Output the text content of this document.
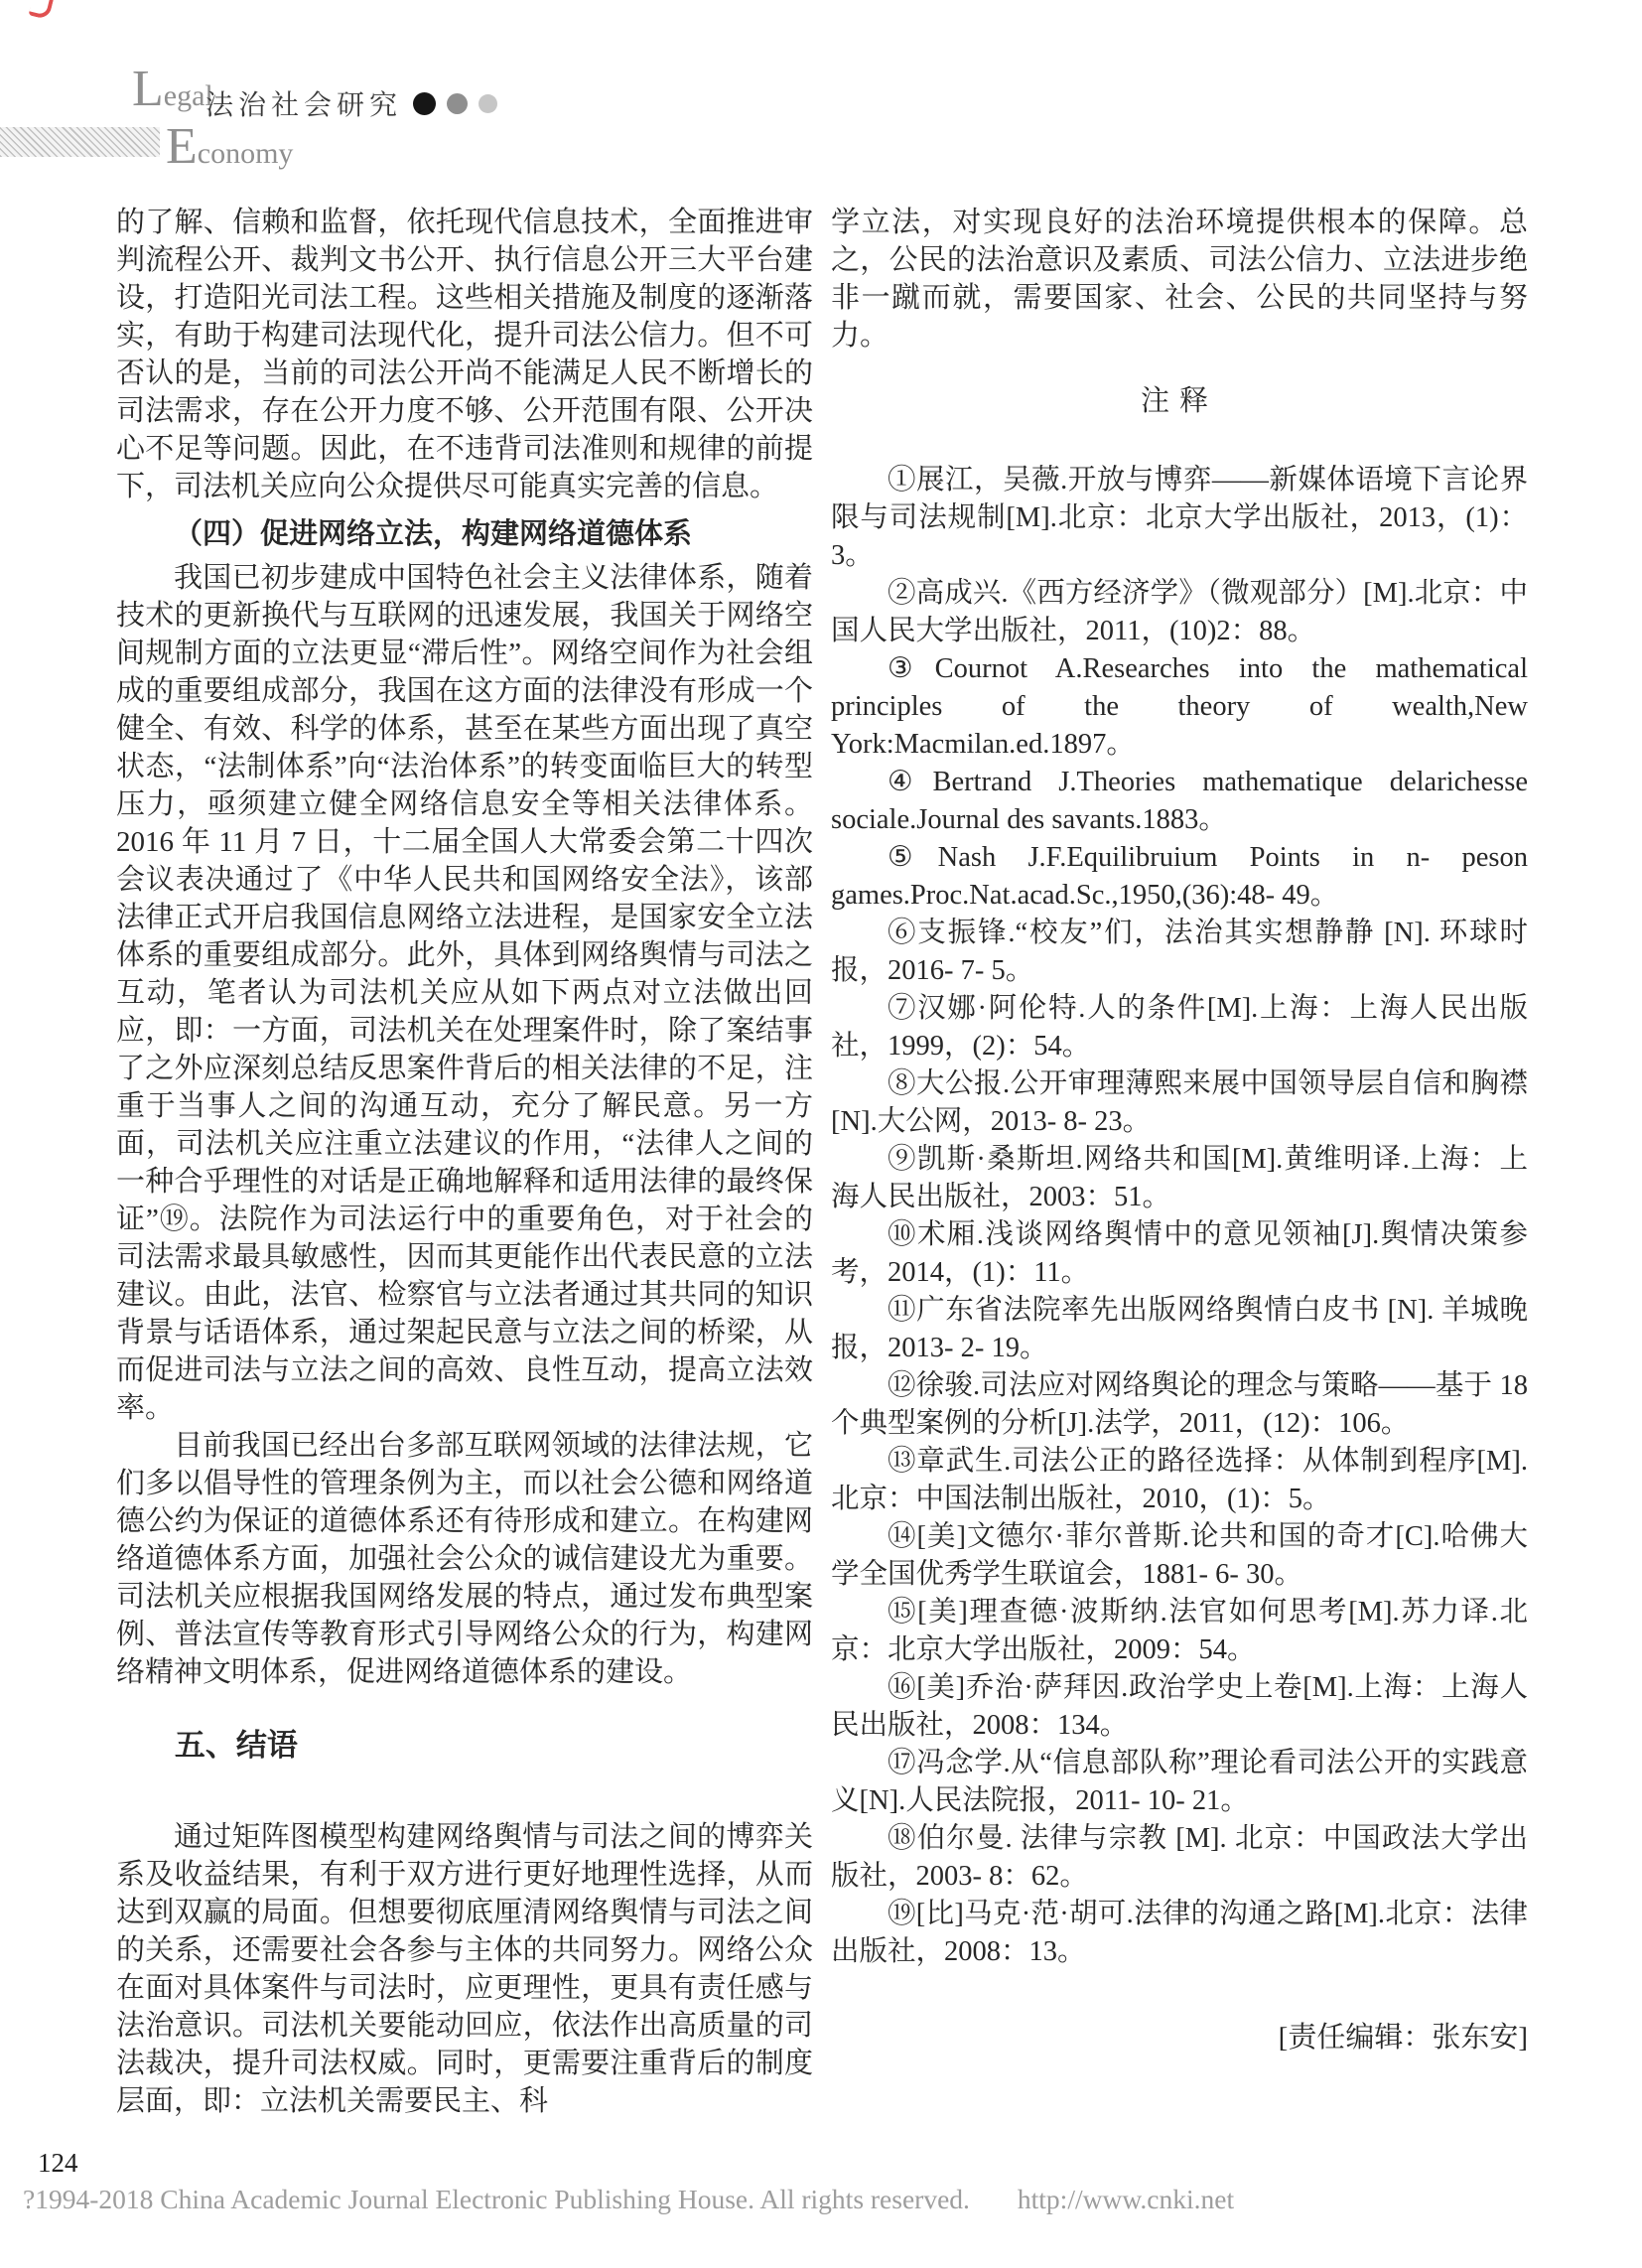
Legal
法治社会研究
Economy

的了解、信赖和监督，依托现代信息技术，全面推进审判流程公开、裁判文书公开、执行信息公开三大平台建设，打造阳光司法工程。这些相关措施及制度的逐渐落实，有助于构建司法现代化，提升司法公信力。但不可否认的是，当前的司法公开尚不能满足人民不断增长的司法需求，存在公开力度不够、公开范围有限、公开决心不足等问题。因此，在不违背司法准则和规律的前提下，司法机关应向公众提供尽可能真实完善的信息。

（四）促进网络立法，构建网络道德体系

我国已初步建成中国特色社会主义法律体系，随着技术的更新换代与互联网的迅速发展，我国关于网络空间规制方面的立法更显“滞后性”。网络空间作为社会组成的重要组成部分，我国在这方面的法律没有形成一个健全、有效、科学的体系，甚至在某些方面出现了真空状态，“法制体系”向“法治体系”的转变面临巨大的转型压力，亟须建立健全网络信息安全等相关法律体系。2016 年 11 月 7 日，十二届全国人大常委会第二十四次会议表决通过了《中华人民共和国网络安全法》，该部法律正式开启我国信息网络立法进程，是国家安全立法体系的重要组成部分。此外，具体到网络舆情与司法之互动，笔者认为司法机关应从如下两点对立法做出回应，即：一方面，司法机关在处理案件时，除了案结事了之外应深刻总结反思案件背后的相关法律的不足，注重于当事人之间的沟通互动，充分了解民意。另一方面，司法机关应注重立法建议的作用，“法律人之间的一种合乎理性的对话是正确地解释和适用法律的最终保证”⑲。法院作为司法运行中的重要角色，对于社会的司法需求最具敏感性，因而其更能作出代表民意的立法建议。由此，法官、检察官与立法者通过其共同的知识背景与话语体系，通过架起民意与立法之间的桥梁，从而促进司法与立法之间的高效、良性互动，提高立法效率。

目前我国已经出台多部互联网领域的法律法规，它们多以倡导性的管理条例为主，而以社会公德和网络道德公约为保证的道德体系还有待形成和建立。在构建网络道德体系方面，加强社会公众的诚信建设尤为重要。司法机关应根据我国网络发展的特点，通过发布典型案例、普法宣传等教育形式引导网络公众的行为，构建网络精神文明体系，促进网络道德体系的建设。

五、结语

通过矩阵图模型构建网络舆情与司法之间的博弈关系及收益结果，有利于双方进行更好地理性选择，从而达到双赢的局面。但想要彻底厘清网络舆情与司法之间的关系，还需要社会各参与主体的共同努力。网络公众在面对具体案件与司法时，应更理性，更具有责任感与法治意识。司法机关要能动回应，依法作出高质量的司法裁决，提升司法权威。同时，更需要注重背后的制度层面，即：立法机关需要民主、科

学立法，对实现良好的法治环境提供根本的保障。总之，公民的法治意识及素质、司法公信力、立法进步绝非一蹴而就，需要国家、社会、公民的共同坚持与努力。

注释

①展江，吴薇.开放与博弈——新媒体语境下言论界限与司法规制[M].北京：北京大学出版社，2013，(1)：3。

②高成兴.《西方经济学》（微观部分）[M].北京：中国人民大学出版社，2011，(10)2：88。

③Cournot A.Researches into the mathematical principles of the theory of wealth,New York:Macmilan.ed.1897。

④Bertrand J.Theories mathematique delarichesse sociale.Journal des savants.1883。

⑤Nash J.F.Equilibruium Points in n- peson games.Proc.Nat.acad.Sc.,1950,(36):48- 49。

⑥支振锋.“校友”们，法治其实想静静 [N]. 环球时报，2016- 7- 5。

⑦汉娜·阿伦特.人的条件[M].上海：上海人民出版社，1999，(2)：54。

⑧大公报.公开审理薄熙来展中国领导层自信和胸襟[N].大公网，2013- 8- 23。

⑨凯斯·桑斯坦.网络共和国[M].黄维明译.上海：上海人民出版社，2003：51。

⑩术厢.浅谈网络舆情中的意见领袖[J].舆情决策参考，2014，(1)：11。

⑪广东省法院率先出版网络舆情白皮书 [N]. 羊城晚报，2013- 2- 19。

⑫徐骏.司法应对网络舆论的理念与策略——基于 18 个典型案例的分析[J].法学，2011，(12)：106。

⑬章武生.司法公正的路径选择：从体制到程序[M].北京：中国法制出版社，2010，(1)：5。

⑭[美]文德尔·菲尔普斯.论共和国的奇才[C].哈佛大学全国优秀学生联谊会，1881- 6- 30。

⑮[美]理查德·波斯纳.法官如何思考[M].苏力译.北京：北京大学出版社，2009：54。

⑯[美]乔治·萨拜因.政治学史上卷[M].上海：上海人民出版社，2008：134。

⑰冯念学.从“信息部队称”理论看司法公开的实践意义[N].人民法院报，2011- 10- 21。

⑱伯尔曼. 法律与宗教 [M]. 北京：中国政法大学出版社，2003- 8：62。

⑲[比]马克·范·胡可.法律的沟通之路[M].北京：法律出版社，2008：13。

[责任编辑：张东安]

124
?1994-2018 China Academic Journal Electronic Publishing House. All rights reserved. http://www.cnki.net
